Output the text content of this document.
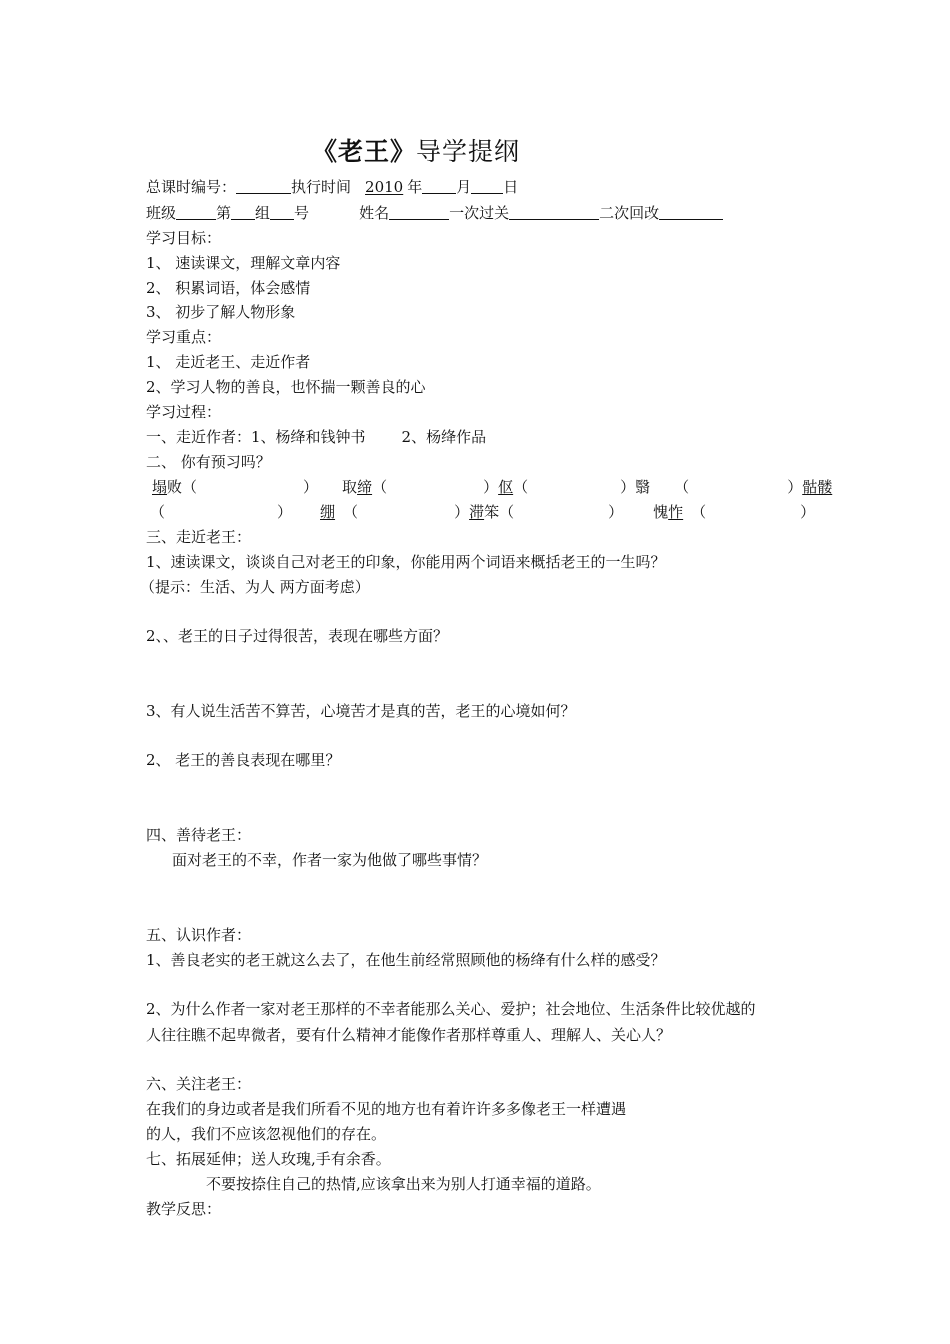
《老王》导学提纲
总课时编号：	执行时间 2010 年 月 日
班级	第 组 号	姓名	一次过关	二次回改
学习目标：
1、 速读课文，理解文章内容
2、 积累词语，体会感情
3、 初步了解人物形象
学习重点：
1、 走近老王、走近作者
2、学习人物的善良，也怀揣一颗善良的心
学习过程：
一、走近作者：1、杨绛和钱钟书 2、杨绛作品
二、 你有预习吗？
塌败（	） 取缔（	）伛（	）翳 （	）骷髅
（	） 绷 （	）滞笨（	） 愧怍 （	）
三、走近老王：
1、速读课文，谈谈自己对老王的印象，你能用两个词语来概括老王的一生吗？
（提示：生活、为人 两方面考虑）
2、、老王的日子过得很苦，表现在哪些方面？
3、有人说生活苦不算苦，心境苦才是真的苦，老王的心境如何？
2、 老王的善良表现在哪里？
四、善待老王：
面对老王的不幸，作者一家为他做了哪些事情？
五、认识作者：
1、善良老实的老王就这么去了，在他生前经常照顾他的杨绛有什么样的感受？
2、为什么作者一家对老王那样的不幸者能那么关心、爱护；社会地位、生活条件比较优越的
人往往瞧不起卑微者，要有什么精神才能像作者那样尊重人、理解人、关心人？
六、关注老王：
在我们的身边或者是我们所看不见的地方也有着许许多多像老王一样遭遇
的人，我们不应该忽视他们的存在。
七、拓展延伸；送人玫瑰,手有余香。
不要按捺住自己的热情,应该拿出来为别人打通幸福的道路。
教学反思：
